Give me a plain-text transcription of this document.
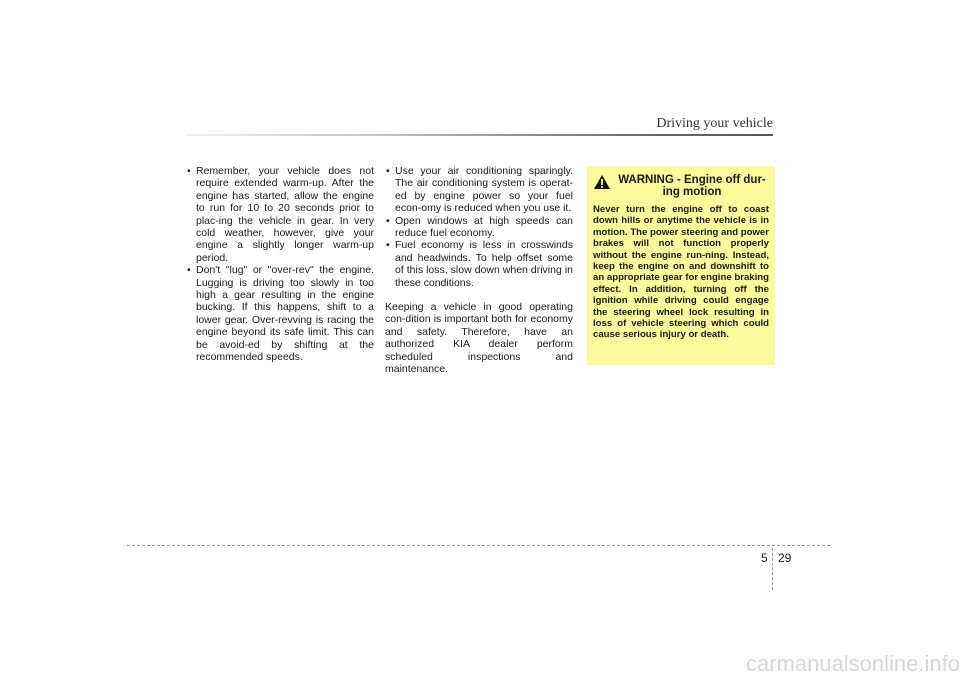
Driving your vehicle
• Remember, your vehicle does not require extended warm-up. After the engine has started, allow the engine to run for 10 to 20 seconds prior to plac-ing the vehicle in gear. In very cold weather, however, give your engine a slightly longer warm-up period.
• Don't "lug" or "over-rev" the engine. Lugging is driving too slowly in too high a gear resulting in the engine bucking. If this happens, shift to a lower gear. Over-revving is racing the engine beyond its safe limit. This can be avoid-ed by shifting at the recommended speeds.
• Use your air conditioning sparingly. The air conditioning system is operat-ed by engine power so your fuel econ-omy is reduced when you use it.
• Open windows at high speeds can reduce fuel economy.
• Fuel economy is less in crosswinds and headwinds. To help offset some of this loss, slow down when driving in these conditions.

Keeping a vehicle in good operating con-dition is important both for economy and safety. Therefore, have an authorized KIA dealer perform scheduled inspections and maintenance.

WARNING - Engine off dur-ing motion
Never turn the engine off to coast down hills or anytime the vehicle is in motion. The power steering and power brakes will not function properly without the engine run-ning. Instead, keep the engine on and downshift to an appropriate gear for engine braking effect. In addition, turning off the ignition while driving could engage the steering wheel lock resulting in loss of vehicle steering which could cause serious injury or death.
5 29
carmanualsonline.info
